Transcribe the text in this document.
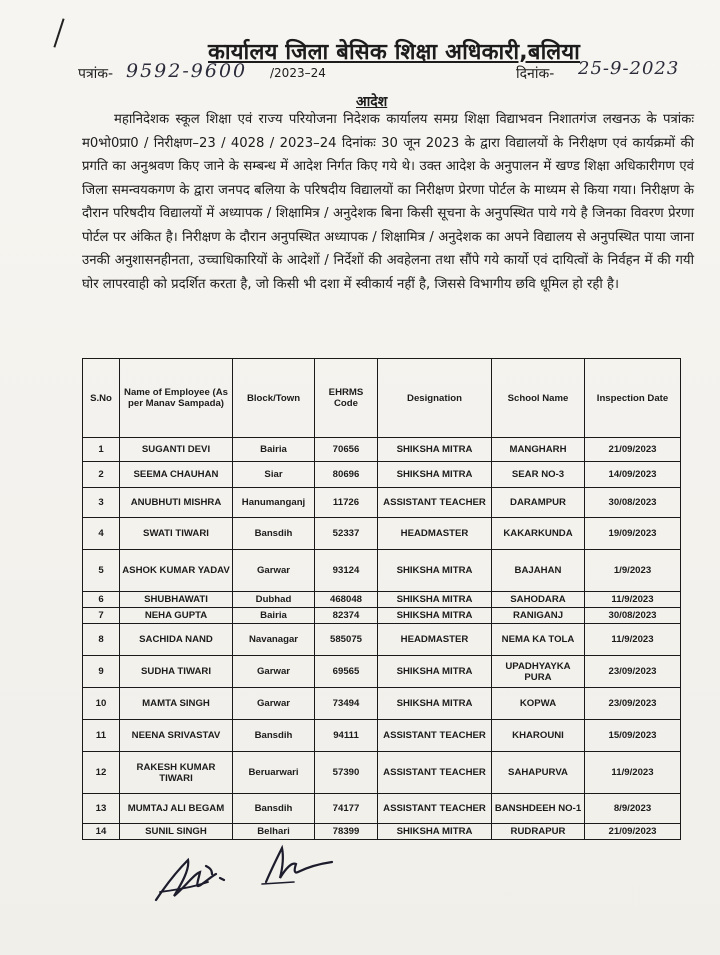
कार्यालय जिला बेसिक शिक्षा अधिकारी,बलिया
पत्रांक- 9592-9600 /2023–24	दिनांक- 25-9-2023
आदेश
महानिदेशक स्कूल शिक्षा एवं राज्य परियोजना निदेशक कार्यालय समग्र शिक्षा विद्याभवन निशातगंज लखनऊ के पत्रांकः म0भो0प्रा0 / निरीक्षण–23 / 4028 / 2023–24 दिनांकः 30 जून 2023 के द्वारा विद्यालयों के निरीक्षण एवं कार्यक्रमों की प्रगति का अनुश्रवण किए जाने के सम्बन्ध में आदेश निर्गत किए गये थे। उक्त आदेश के अनुपालन में खण्ड शिक्षा अधिकारीगण एवं जिला समन्वयकगण के द्वारा जनपद बलिया के परिषदीय विद्यालयों का निरीक्षण प्रेरणा पोर्टल के माध्यम से किया गया। निरीक्षण के दौरान परिषदीय विद्यालयों में अध्यापक / शिक्षामित्र / अनुदेशक बिना किसी सूचना के अनुपस्थित पाये गये है जिनका विवरण प्रेरणा पोर्टल पर अंकित है। निरीक्षण के दौरान अनुपस्थित अध्यापक / शिक्षामित्र / अनुदेशक का अपने विद्यालय से अनुपस्थित पाया जाना उनकी अनुशासनहीनता, उच्चाधिकारियों के आदेशों / निर्देशों की अवहेलना तथा सौंपे गये कार्यो एवं दायित्वों के निर्वहन में की गयी घोर लापरवाही को प्रदर्शित करता है, जो किसी भी दशा में स्वीकार्य नहीं है, जिससे विभागीय छवि धूमिल हो रही है।
S.No	Name of Employee (As per Manav Sampada)	Block/Town	EHRMS Code	Designation	School Name	Inspection Date
1	SUGANTI DEVI	Bairia	70656	SHIKSHA MITRA	MANGHARH	21/09/2023
2	SEEMA CHAUHAN	Siar	80696	SHIKSHA MITRA	SEAR NO-3	14/09/2023
3	ANUBHUTI MISHRA	Hanumanganj	11726	ASSISTANT TEACHER	DARAMPUR	30/08/2023
4	SWATI TIWARI	Bansdih	52337	HEADMASTER	KAKARKUNDA	19/09/2023
5	ASHOK KUMAR YADAV	Garwar	93124	SHIKSHA MITRA	BAJAHAN	1/9/2023
6	SHUBHAWATI	Dubhad	468048	SHIKSHA MITRA	SAHODARA	11/9/2023
7	NEHA GUPTA	Bairia	82374	SHIKSHA MITRA	RANIGANJ	30/08/2023
8	SACHIDA NAND	Navanagar	585075	HEADMASTER	NEMA KA TOLA	11/9/2023
9	SUDHA TIWARI	Garwar	69565	SHIKSHA MITRA	UPADHYAYKA PURA	23/09/2023
10	MAMTA SINGH	Garwar	73494	SHIKSHA MITRA	KOPWA	23/09/2023
11	NEENA SRIVASTAV	Bansdih	94111	ASSISTANT TEACHER	KHAROUNI	15/09/2023
12	RAKESH KUMAR TIWARI	Beruarwari	57390	ASSISTANT TEACHER	SAHAPURVA	11/9/2023
13	MUMTAJ ALI BEGAM	Bansdih	74177	ASSISTANT TEACHER	BANSHDEEH NO-1	8/9/2023
14	SUNIL SINGH	Belhari	78399	SHIKSHA MITRA	RUDRAPUR	21/09/2023
